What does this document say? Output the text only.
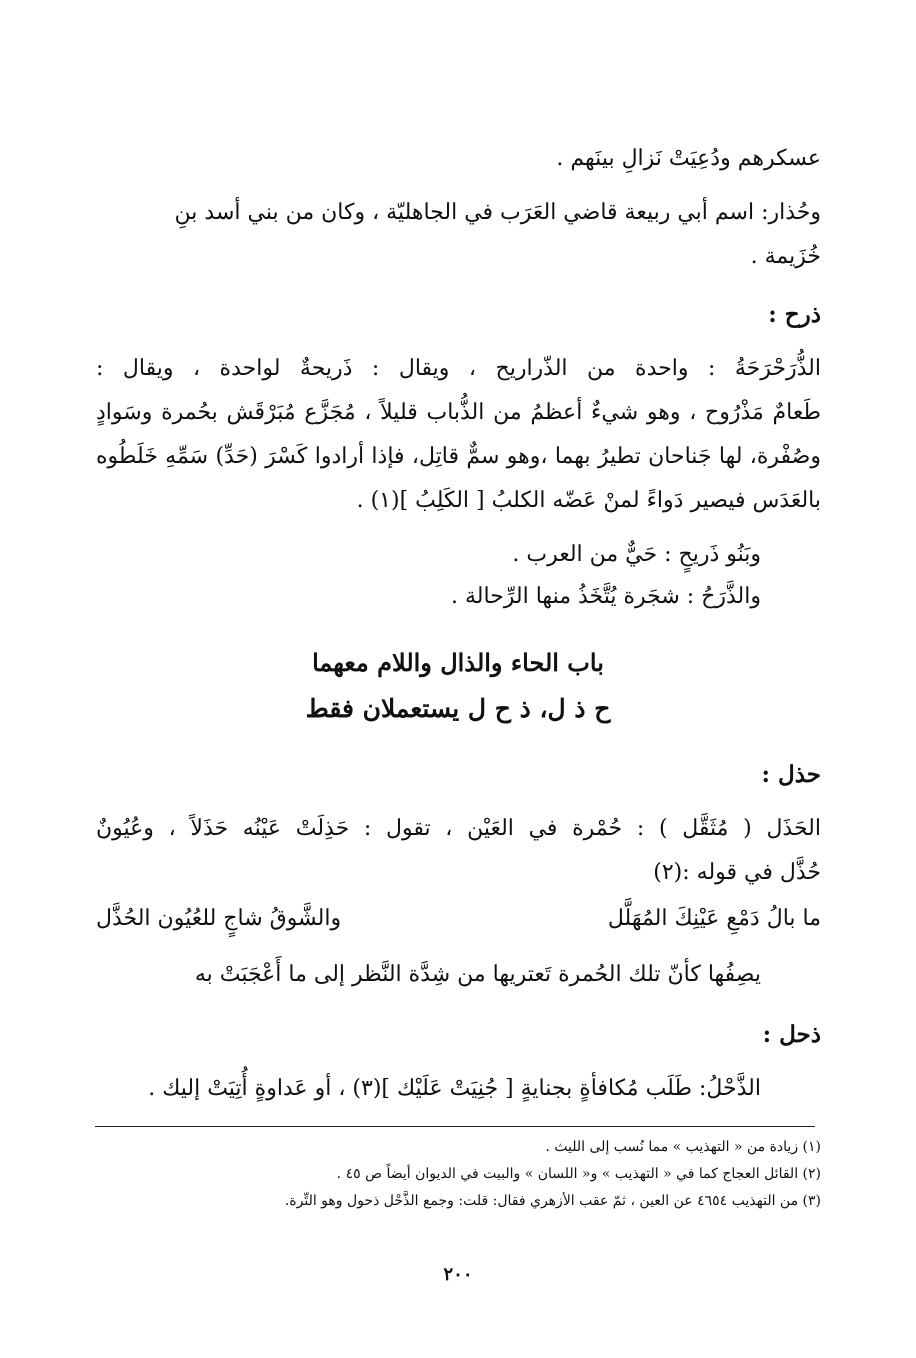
عسكرهم ودُعِيَتْ نَزالِ بينَهم .
وحُذار: اسم أبي ربيعة قاضي العَرَب في الجاهليّة ، وكان من بني أسد بنِ
خُزَيمة .
ذرح :
الذُّرَحْرَحَةُ : واحدة من الذّراريح ، ويقال : ذَريحةٌ لواحدة ، ويقال :
طَعامٌ مَذْرُوح ، وهو شيءٌ أعظمُ من الذُّباب قليلاً ، مُجَزَّع مُبَرْقَش بحُمرة وسَوادٍ
وصُفْرة، لها جَناحان تطيرُ بهما ،وهو سمٌّ قاتِل، فإذا أرادوا كَسْرَ (حَدِّ) سَمِّهِ خَلَطُوه
بالعَدَس فيصير دَواءً لمنْ عَضّه الكلبُ [ الكَلِبُ ](١) .
وبَنُو ذَريحٍ : حَيٌّ من العرب .
والذَّرَحُ : شجَرة يُتَّخَذُ منها الرِّحالة .
باب الحاء والذال واللام معهما
ح ذ ل، ذ ح ل يستعملان فقط
حذل :
الحَذَل ( مُثَقَّل ) : حُمْرة في العَيْن ، تقول : حَذِلَتْ عَيْنُه حَذَلاً ، وعُيُونٌ
حُذَّل في قوله :(٢)
ما بالُ دَمْعِ عَيْنِكَ المُهَلَّل
والشَّوقُ شاجٍ للعُيُون الحُذَّل
يصِفُها كأنّ تلك الحُمرة تَعتريها من شِدَّة النَّظر إلى ما أَعْجَبَتْ به
ذحل :
الذَّحْلُ: طَلَب مُكافأةٍ بجنايةٍ [ جُنِيَتْ عَلَيْك ](٣) ، أو عَداوةٍ أُتِيَتْ إليك .
(١) زيادة من « التهذيب » مما نُسب إلى الليث .
(٢) القائل العجاج كما في « التهذيب » و« اللسان » والبيت في الديوان أيضاً ص ٤٥ .
(٣) من التهذيب ٤٦٥٤ عن العين ، ثمّ عقب الأزهري فقال: قلت: وجمع الذَّحْل ذحول وهو التِّرة.
٢٠٠
